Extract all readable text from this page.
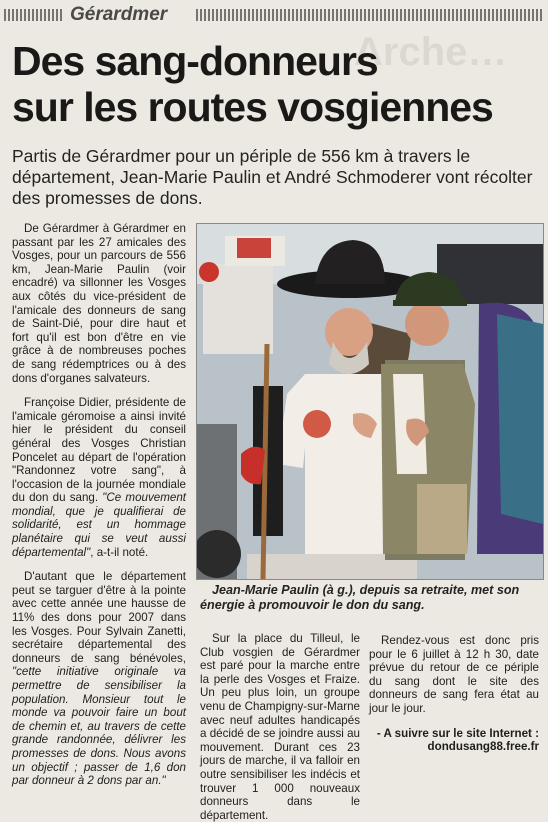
Arche…
Gérardmer
Des sang-donneurs
sur les routes vosgiennes

Partis de Gérardmer pour un périple de 556 km à travers le département, Jean-Marie Paulin et André Schmoderer vont récolter des promesses de dons.

De Gérardmer à Gérardmer en passant par les 27 amicales des Vosges, pour un parcours de 556 km, Jean-Marie Paulin (voir encadré) va sillonner les Vosges aux côtés du vice-président de l'amicale des donneurs de sang de Saint-Dié, pour dire haut et fort qu'il est bon d'être en vie grâce à de nombreuses poches de sang rédemptrices ou à des dons d'organes salvateurs.

Françoise Didier, présidente de l'amicale géromoise a ainsi invité hier le président du conseil général des Vosges Christian Poncelet au départ de l'opération "Randonnez votre sang", à l'occasion de la journée mondiale du don du sang. "Ce mouvement mondial, que je qualifierai de solidarité, est un hommage planétaire qui se veut aussi départemental", a-t-il noté.

D'autant que le département peut se targuer d'être à la pointe avec cette année une hausse de 11% des dons pour 2007 dans les Vosges. Pour Sylvain Zanetti, secrétaire départemental des donneurs de sang bénévoles, "cette initiative originale va permettre de sensibiliser la population. Monsieur tout le monde va pouvoir faire un bout de chemin et, au travers de cette grande randonnée, délivrer les promesses de dons. Nous avons un objectif ; passer de 1,6 don par donneur à 2 dons par an."

Jean-Marie Paulin (à g.), depuis sa retraite, met son énergie à promouvoir le don du sang.

Sur la place du Tilleul, le Club vosgien de Gérardmer est paré pour la marche entre la perle des Vosges et Fraize. Un peu plus loin, un groupe venu de Champigny-sur-Marne avec neuf adultes handicapés a décidé de se joindre aussi au mouvement. Durant ces 23 jours de marche, il va falloir en outre sensibiliser les indécis et trouver 1 000 nouveaux donneurs dans le département.

Rendez-vous est donc pris pour le 6 juillet à 12 h 30, date prévue du retour de ce périple du sang dont le site des donneurs de sang fera état au jour le jour.

- A suivre sur le site Internet : dondusang88.free.fr
